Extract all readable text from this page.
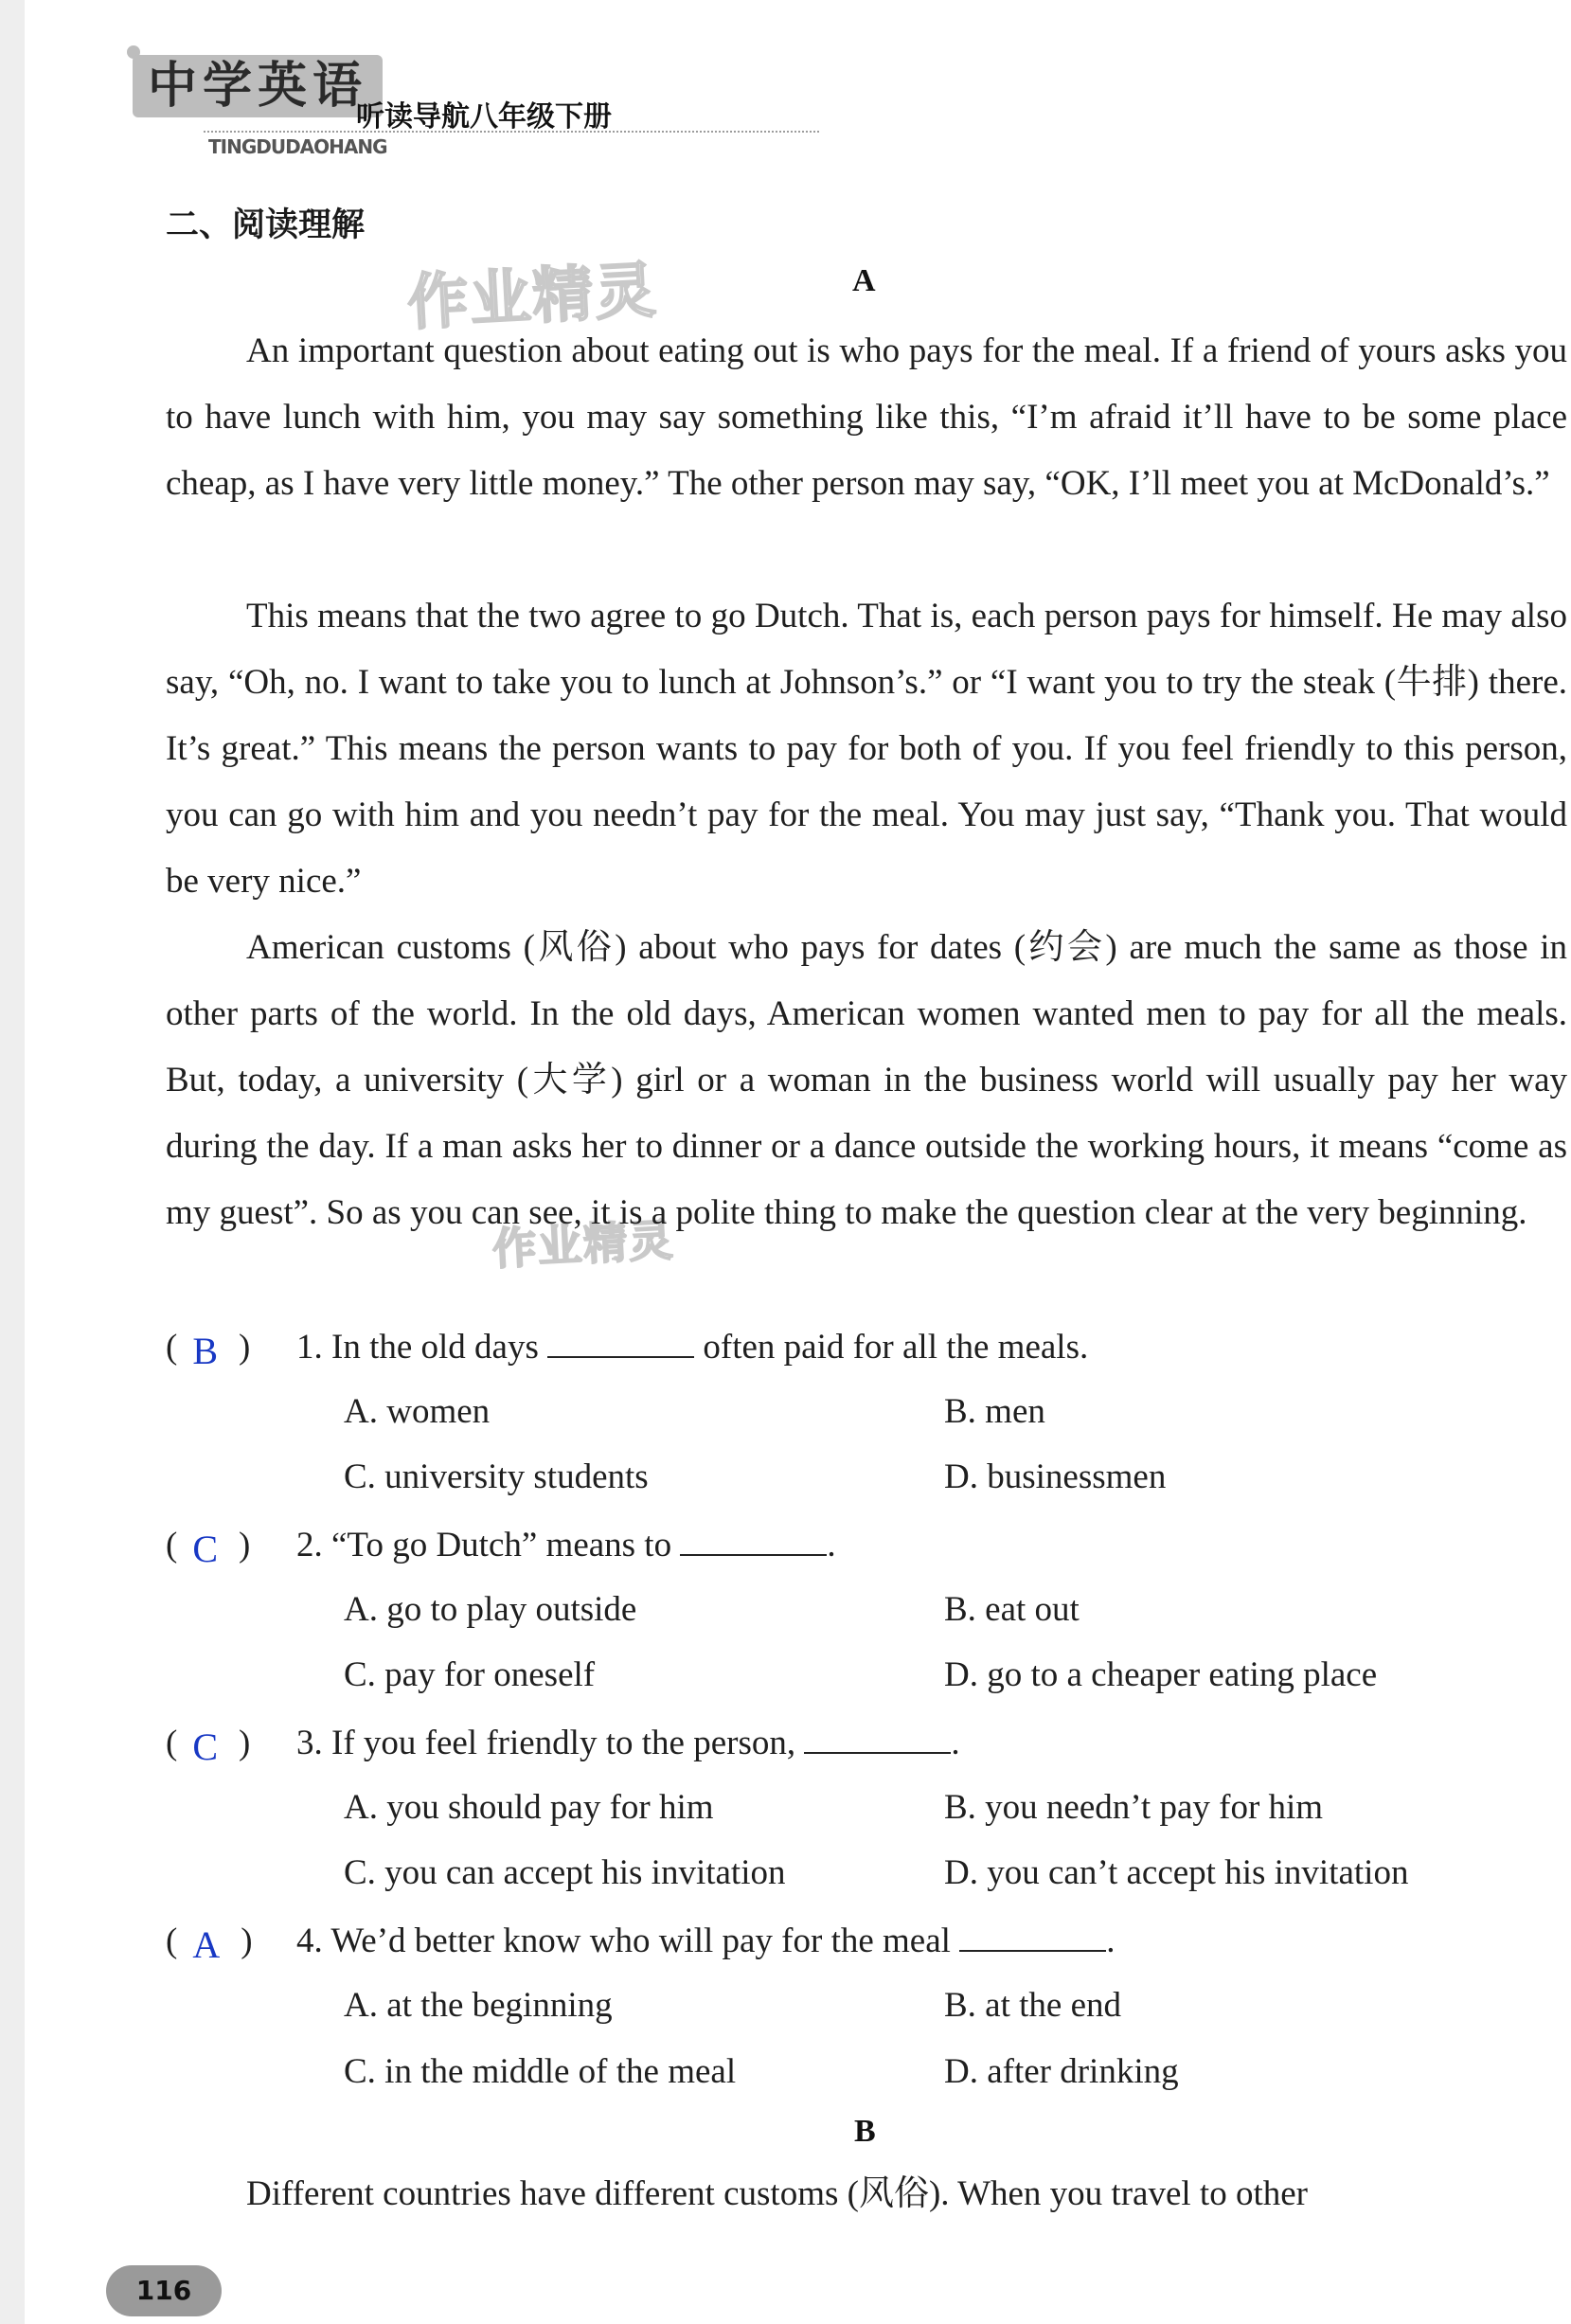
中学英语
听读导航八年级下册
TINGDUDAOHANG
二、阅读理解
作业精灵
作业精灵
A

An important question about eating out is who pays for the meal. If a friend of yours asks you to have lunch with him, you may say something like this, “I’m afraid it’ll have to be some place cheap, as I have very little money.” The other person may say, “OK, I’ll meet you at McDonald’s.”

This means that the two agree to go Dutch. That is, each person pays for himself. He may also say, “Oh, no. I want to take you to lunch at Johnson’s.” or “I want you to try the steak (牛排) there. It’s great.” This means the person wants to pay for both of you. If you feel friendly to this person, you can go with him and you needn’t pay for the meal. You may just say, “Thank you. That would be very nice.”

American customs (风俗) about who pays for dates (约会) are much the same as those in other parts of the world. In the old days, American women wanted men to pay for all the meals. But, today, a university (大学) girl or a woman in the business world will usually pay her way during the day. If a man asks her to dinner or a dance outside the working hours, it means “come as my guest”. So as you can see, it is a polite thing to make the question clear at the very beginning.

( B ) 1. In the old days	often paid for all the meals.
A. women	B. men
C. university students	D. businessmen
( C ) 2. “To go Dutch” means to	.
A. go to play outside	B. eat out
C. pay for oneself	D. go to a cheaper eating place
( C ) 3. If you feel friendly to the person,	.
A. you should pay for him	B. you needn’t pay for him
C. you can accept his invitation	D. you can’t accept his invitation
( A ) 4. We’d better know who will pay for the meal	.
A. at the beginning	B. at the end
C. in the middle of the meal	D. after drinking
B

Different countries have different customs (风俗). When you travel to other

116
